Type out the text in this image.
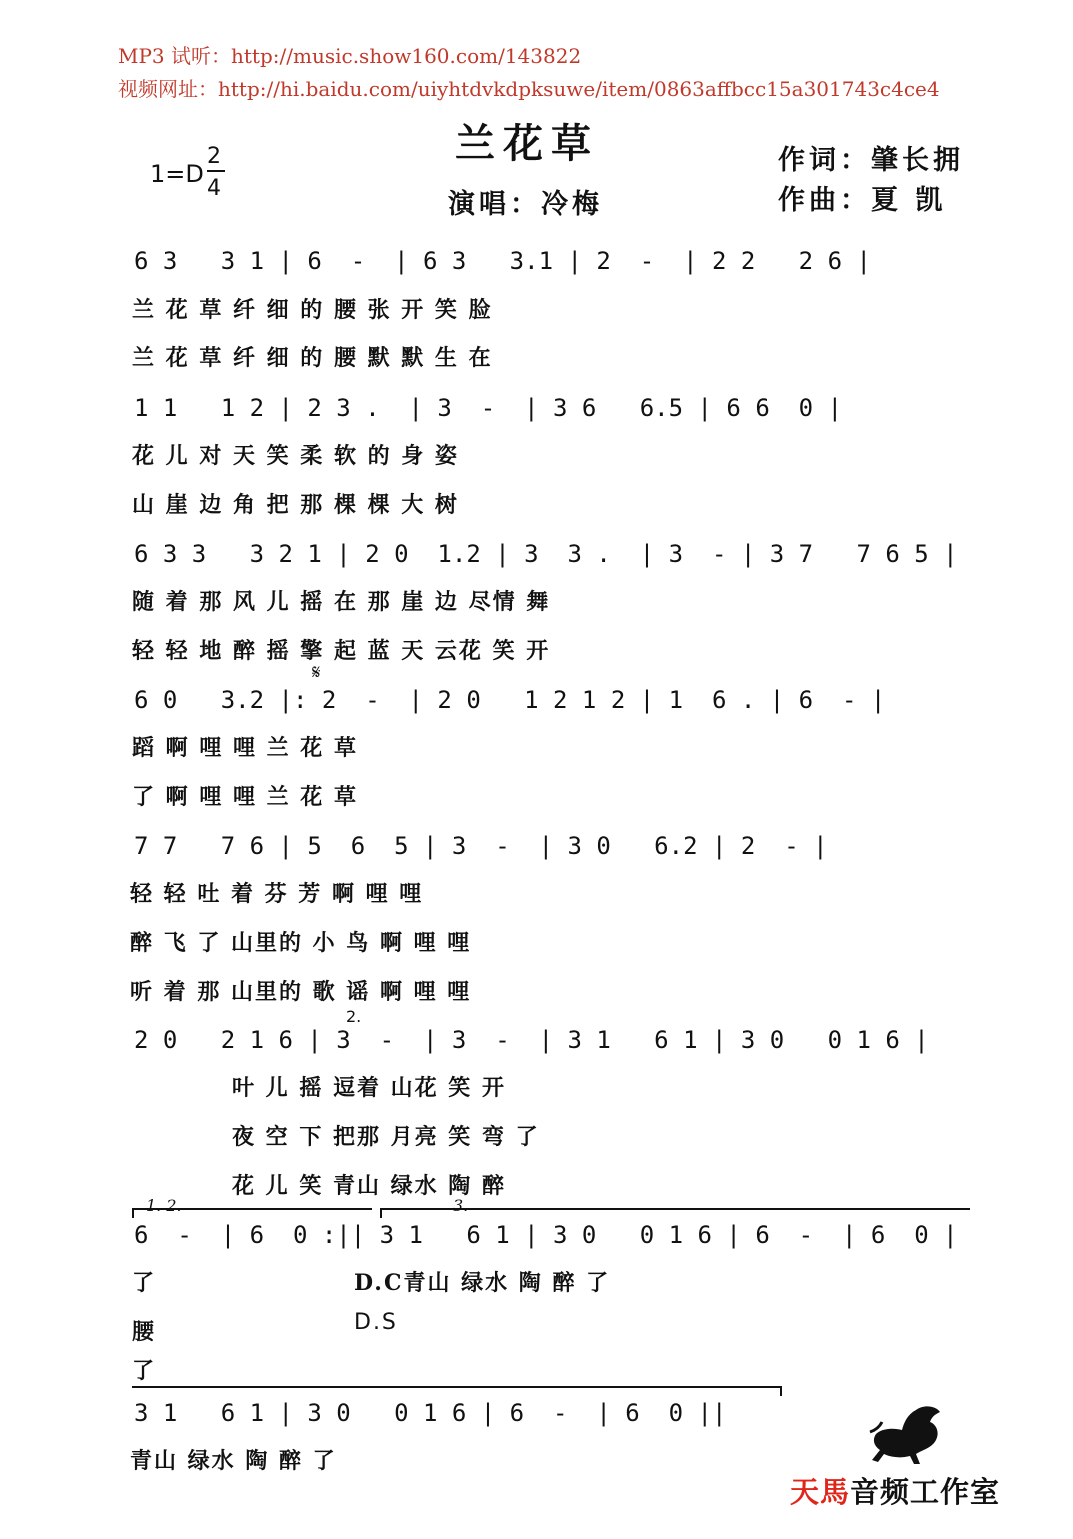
MP3 试听：http://music.show160.com/143822
视频网址：http://hi.baidu.com/uiyhtdvkdpksuwe/item/0863affbcc15a301743c4ce4
兰花草
1=D
2
4
演唱：冷梅
作词：肇长拥
作曲：夏 凯
6 3   3 1 | 6  -  | 6 3   3.1 | 2  -  | 2 2   2 6 |
兰 花 草 纤 细 的 腰 张 开 笑 脸
兰 花 草 纤 细 的 腰 默 默 生 在
1 1   1 2 | 2 3 .  | 3  -  | 3 6   6.5 | 6 6  0 |
花 儿 对 天 笑 柔 软 的 身 姿
山 崖 边 角 把 那 棵 棵 大 树
6 3 3   3 2 1 | 2 0  1.2 | 3  3 .  | 3  - | 3 7   7 6 5 |
随 着 那 风 儿 摇 在 那 崖 边 尽情 舞
轻 轻 地 醉 摇 擎 起 蓝 天 云花 笑 开
𝄋
6 0   3.2 |: 2  -  | 2 0   1 2 1 2 | 1  6 . | 6  - |
蹈 啊 哩 哩 兰 花 草
了 啊 哩 哩 兰 花 草
7 7   7 6 | 5  6  5 | 3  -  | 3 0   6.2 | 2  - |
轻 轻 吐 着 芬 芳 啊 哩 哩
醉 飞 了 山里的 小 鸟 啊 哩 哩
听 着 那 山里的 歌 谣 啊 哩 哩
2.
2 0   2 1 6 | 3  -  | 3  -  | 3 1   6 1 | 3 0   0 1 6 |
叶 儿 摇 逗着 山花 笑 开
夜 空 下 把那 月亮 笑 弯 了
花 儿 笑 青山 绿水 陶 醉
1. 2.	3.
6  -  | 6  0 :|| 3 1   6 1 | 3 0   0 1 6 | 6  -  | 6  0 |
了	D.C青山 绿水 陶 醉 了
D.S
腰
了
3 1   6 1 | 3 0   0 1 6 | 6  -  | 6  0 ||
青山 绿水 陶 醉 了
天馬音频工作室
